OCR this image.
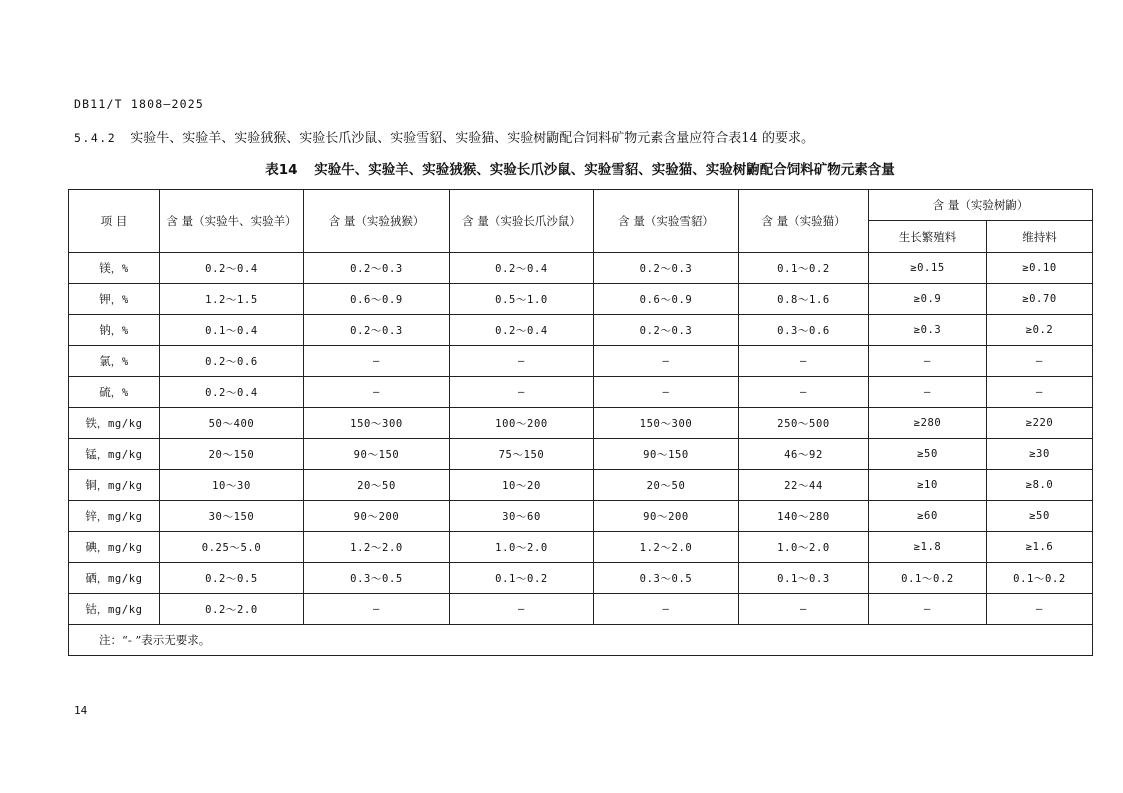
DB11/T 1808—2025
5.4.2 实验牛、实验羊、实验狨猴、实验长爪沙鼠、实验雪貂、实验猫、实验树鼩配合饲料矿物元素含量应符合表14 的要求。
表14 实验牛、实验羊、实验狨猴、实验长爪沙鼠、实验雪貂、实验猫、实验树鼩配合饲料矿物元素含量
项 目	含 量（实验牛、实验羊）	含 量（实验狨猴）	含 量（实验长爪沙鼠）	含 量（实验雪貂）	含 量（实验猫）	含 量（实验树鼩）	
						生长繁殖料	维持料
镁，%	0.2～0.4	0.2～0.3	0.2～0.4	0.2～0.3	0.1～0.2	≥0.15	≥0.10
钾，%	1.2～1.5	0.6～0.9	0.5～1.0	0.6～0.9	0.8～1.6	≥0.9	≥0.70
钠，%	0.1～0.4	0.2～0.3	0.2～0.4	0.2～0.3	0.3～0.6	≥0.3	≥0.2
氯，%	0.2～0.6	—	—	—	—	—	—
硫，%	0.2～0.4	—	—	—	—	—	—
铁，mg/kg	50～400	150～300	100～200	150～300	250～500	≥280	≥220
锰，mg/kg	20～150	90～150	75～150	90～150	46～92	≥50	≥30
铜，mg/kg	10～30	20～50	10～20	20～50	22～44	≥10	≥8.0
锌，mg/kg	30～150	90～200	30～60	90～200	140～280	≥60	≥50
碘，mg/kg	0.25～5.0	1.2～2.0	1.0～2.0	1.2～2.0	1.0～2.0	≥1.8	≥1.6
硒，mg/kg	0.2～0.5	0.3～0.5	0.1～0.2	0.3～0.5	0.1～0.3	0.1～0.2	0.1～0.2
钴，mg/kg	0.2～2.0	—	—	—	—	—	—
注：“- ”表示无要求。							
14
